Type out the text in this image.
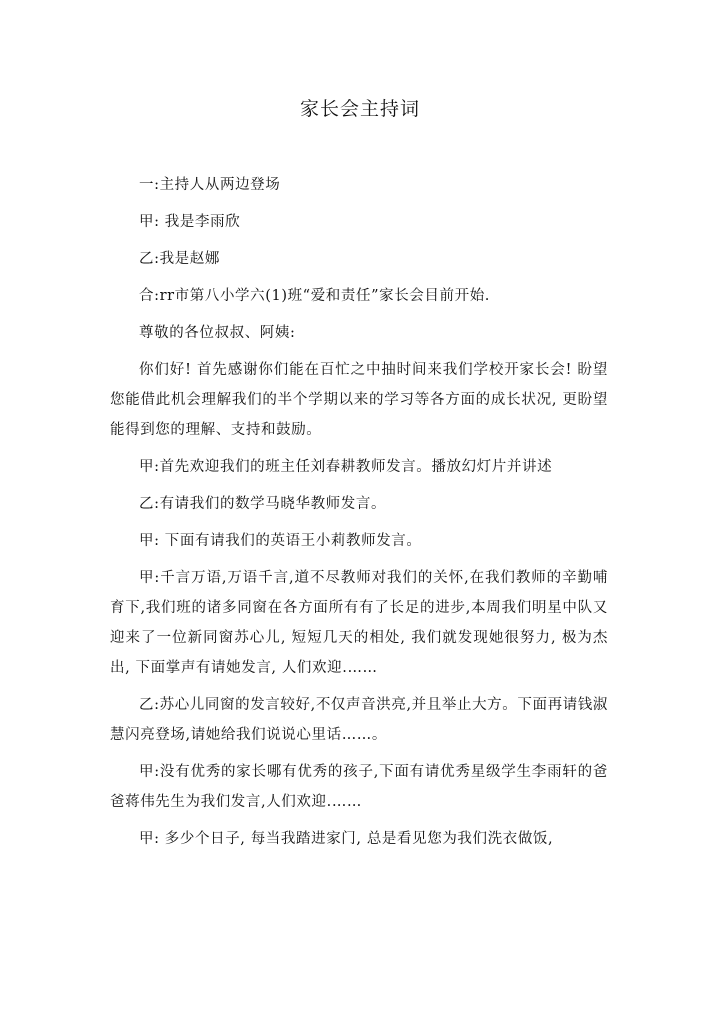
家长会主持词

一:主持人从两边登场

甲: 我是李雨欣

乙:我是赵娜

合:rr市第八小学六(1)班“爱和责任”家长会目前开始.

尊敬的各位叔叔、阿姨:

你们好! 首先感谢你们能在百忙之中抽时间来我们学校开家长会! 盼望您能借此机会理解我们的半个学期以来的学习等各方面的成长状况, 更盼望能得到您的理解、支持和鼓励。

甲:首先欢迎我们的班主任刘春耕教师发言。播放幻灯片并讲述

乙:有请我们的数学马晓华教师发言。

甲: 下面有请我们的英语王小莉教师发言。

甲:千言万语,万语千言,道不尽教师对我们的关怀,在我们教师的辛勤哺育下,我们班的诸多同窗在各方面所有有了长足的进步,本周我们明星中队又迎来了一位新同窗苏心儿, 短短几天的相处, 我们就发现她很努力, 极为杰出, 下面掌声有请她发言, 人们欢迎.……

乙:苏心儿同窗的发言较好,不仅声音洪亮,并且举止大方。下面再请钱淑慧闪亮登场,请她给我们说说心里话……。

甲:没有优秀的家长哪有优秀的孩子,下面有请优秀星级学生李雨轩的爸爸蒋伟先生为我们发言,人们欢迎.……

甲: 多少个日子, 每当我踏进家门, 总是看见您为我们洗衣做饭,
